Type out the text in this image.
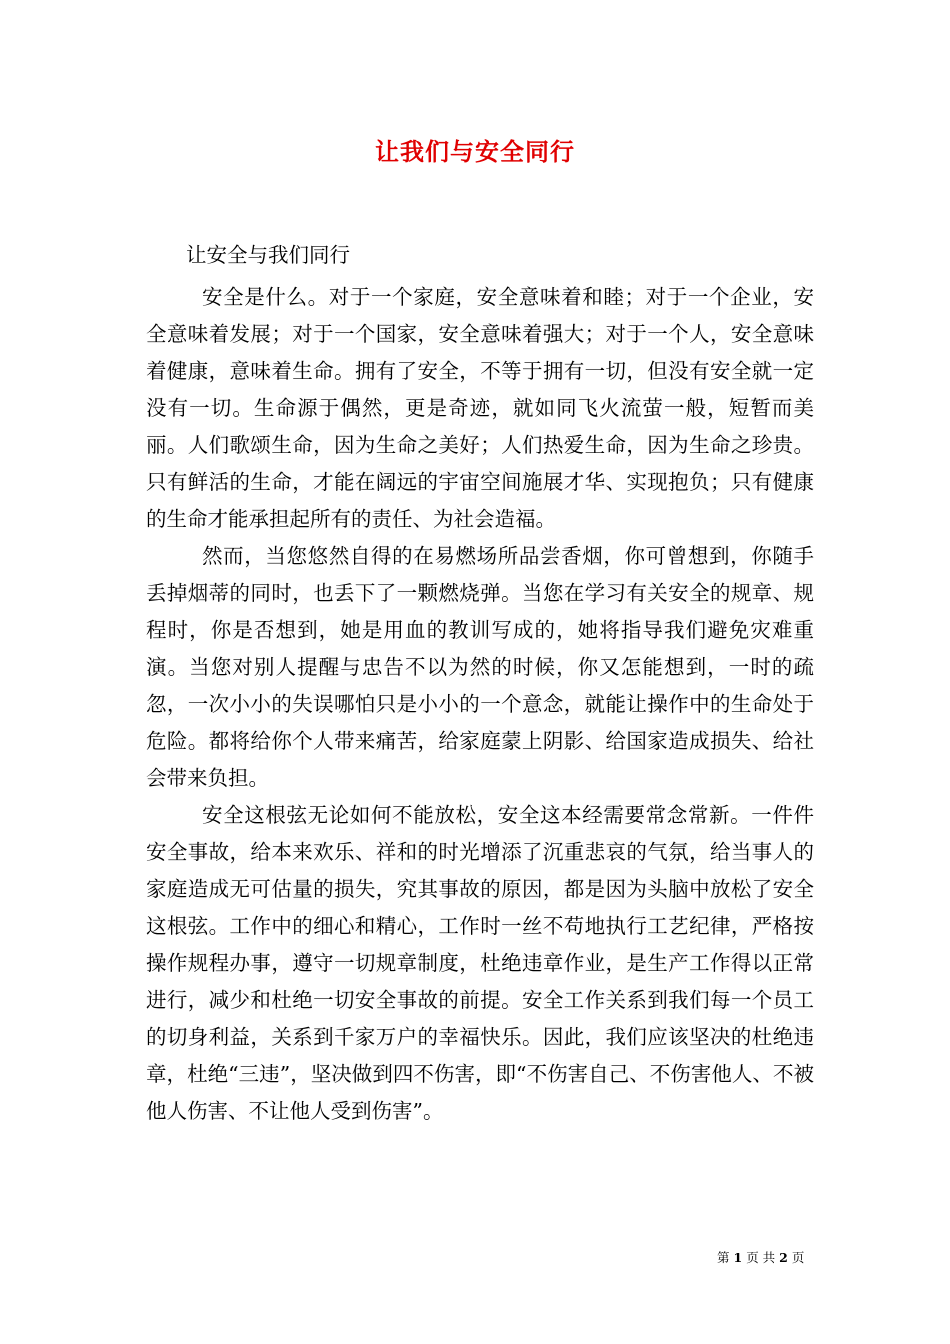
让我们与安全同行
让安全与我们同行

安全是什么。对于一个家庭，安全意味着和睦；对于一个企业，安全意味着发展；对于一个国家，安全意味着强大；对于一个人，安全意味着健康，意味着生命。拥有了安全，不等于拥有一切，但没有安全就一定没有一切。生命源于偶然，更是奇迹，就如同飞火流萤一般，短暂而美丽。人们歌颂生命，因为生命之美好；人们热爱生命，因为生命之珍贵。只有鲜活的生命，才能在阔远的宇宙空间施展才华、实现抱负；只有健康的生命才能承担起所有的责任、为社会造福。

然而，当您悠然自得的在易燃场所品尝香烟，你可曾想到，你随手丢掉烟蒂的同时，也丢下了一颗燃烧弹。当您在学习有关安全的规章、规程时，你是否想到，她是用血的教训写成的，她将指导我们避免灾难重演。当您对别人提醒与忠告不以为然的时候，你又怎能想到，一时的疏忽，一次小小的失误哪怕只是小小的一个意念，就能让操作中的生命处于危险。都将给你个人带来痛苦，给家庭蒙上阴影、给国家造成损失、给社会带来负担。

安全这根弦无论如何不能放松，安全这本经需要常念常新。一件件安全事故，给本来欢乐、祥和的时光增添了沉重悲哀的气氛，给当事人的家庭造成无可估量的损失，究其事故的原因，都是因为头脑中放松了安全这根弦。工作中的细心和精心，工作时一丝不苟地执行工艺纪律，严格按操作规程办事，遵守一切规章制度，杜绝违章作业，是生产工作得以正常进行，减少和杜绝一切安全事故的前提。安全工作关系到我们每一个员工的切身利益，关系到千家万户的幸福快乐。因此，我们应该坚决的杜绝违章，杜绝“三违”，坚决做到四不伤害，即“不伤害自己、不伤害他人、不被他人伤害、不让他人受到伤害”。

第 1 页 共 2 页
